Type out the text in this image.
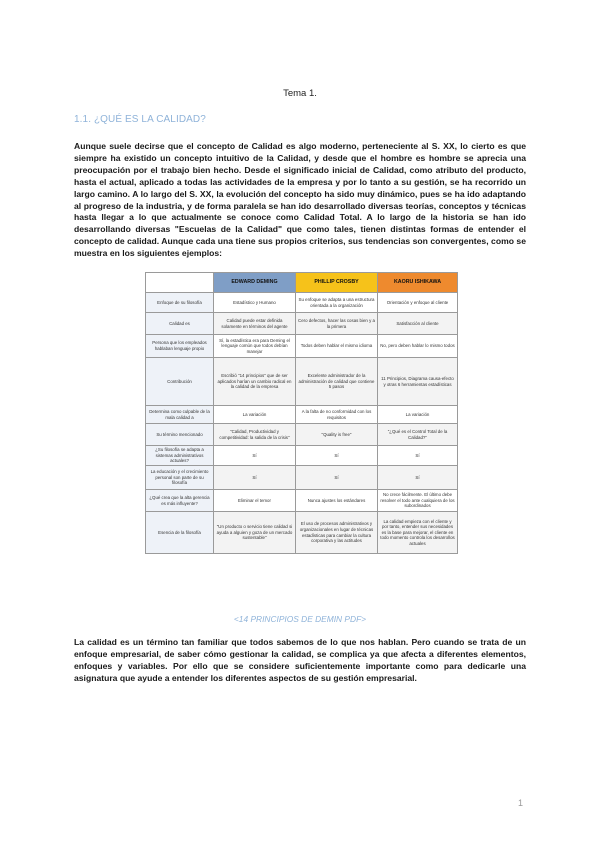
Tema 1.
1.1. ¿QUÉ ES LA CALIDAD?
Aunque suele decirse que el concepto de Calidad es algo moderno, perteneciente al S. XX, lo cierto es que siempre ha existido un concepto intuitivo de la Calidad, y desde que el hombre es hombre se aprecia una preocupación por el trabajo bien hecho. Desde el significado inicial de Calidad, como atributo del producto, hasta el actual, aplicado a todas las actividades de la empresa y por lo tanto a su gestión, se ha recorrido un largo camino. A lo largo del S. XX, la evolución del concepto ha sido muy dinámico, pues se ha ido adaptando al progreso de la industria, y de forma paralela se han ido desarrollado diversas teorías, conceptos y técnicas hasta llegar a lo que actualmente se conoce como Calidad Total. A lo largo de la historia se han ido desarrollando diversas "Escuelas de la Calidad" que como tales, tienen distintas formas de entender el concepto de calidad. Aunque cada una tiene sus propios criterios, sus tendencias son convergentes, como se muestra en los siguientes ejemplos:
	EDWARD DEMING	PHILLIP CROSBY	KAORU ISHIKAWA
Enfoque de su filosofía	Estadístico y Humano	Su enfoque se adapta a una estructura orientada a la organización	Orientación y enfoque al cliente
Calidad es	Calidad puede estar definida solamente en términos del agente	Cero defectos, hacer las cosas bien y a la primera	Satisfacción al cliente
Persona que los empleados hablaban lenguaje propio	Sí, la estadística era para Deming el lenguaje común que todos debían manejar	Todos deben hablar el mismo idioma	No, pero deben hablar lo mismo todos
Contribución	Escribió "14 principios" que de ser aplicados harían un cambio radical en la calidad de la empresa	Excelente administrador de la administración de calidad que contiene 5 pasos	11 Principios, Diagrama causa-efecto y otras 6 herramientas estadísticas
Determina como culpable de la mala calidad a	La variación	A la falta de no conformidad con los requisitos	La variación
Su término mencionado	"Calidad, Productividad y competitividad: la salida de la crisis"	"Quality is free"	"¿Qué es el Control Total de la Calidad?"
¿Su filosofía se adapta a sistemas administrativos actuales?	Sí	Sí	Sí
La educación y el crecimiento personal son parte de su filosofía	Sí	Sí	Sí
¿Qué crea que la alta gerencia es más influyente?	Eliminar el temor	Nunca ajustes los estándares	No crece fácilmente. El último debe resolver el todo ante cualquiera de los subordinados
Esencia de la filosofía	"Un producto o servicio tiene calidad si ayuda a alguien y goza de un mercado sustentable"	El uso de procesos administrativos y organizacionales en lugar de técnicas estadísticas para cambiar la cultura corporativa y las actitudes	La calidad empieza con el cliente y por tanto, entender sus necesidades es la base para mejorar, el cliente en todo momento controla los desarrollos actuales
<14 PRINCIPIOS DE DEMIN PDF>
La calidad es un término tan familiar que todos sabemos de lo que nos hablan. Pero cuando se trata de un enfoque empresarial, de saber cómo gestionar la calidad, se complica ya que afecta a diferentes elementos, enfoques y variables. Por ello que se considere suficientemente importante como para dedicarle una asignatura que ayude a entender los diferentes aspectos de su gestión empresarial.
1
